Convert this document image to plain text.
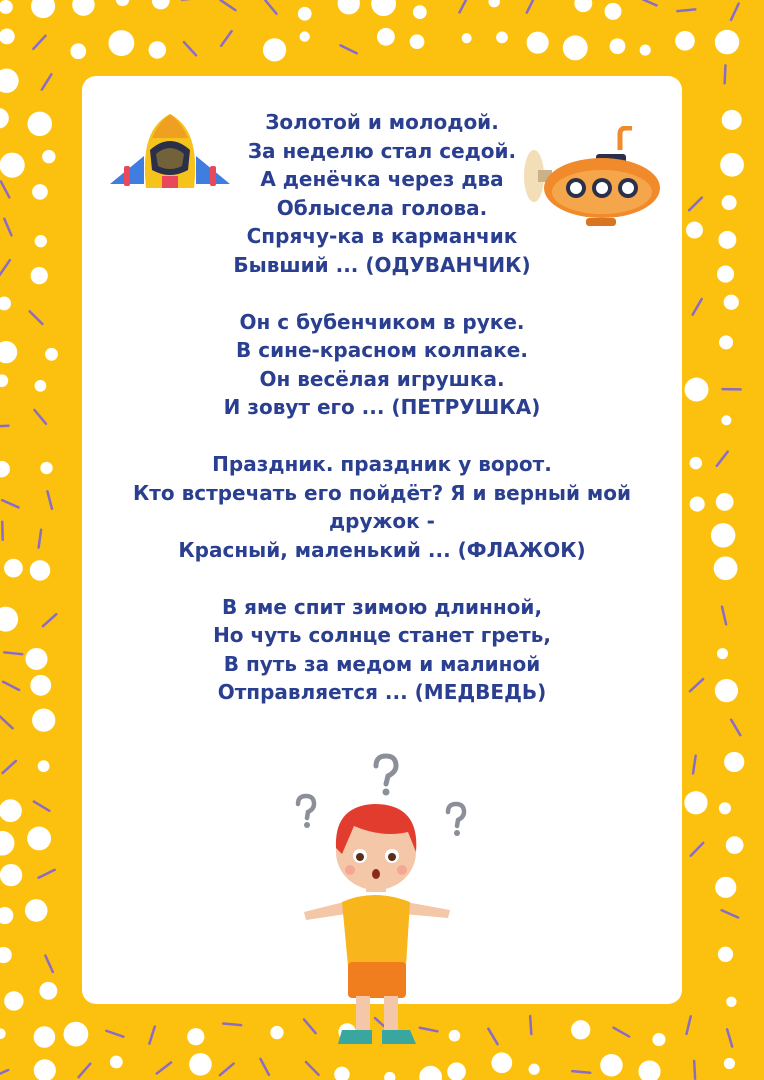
Золотой и молодой.
За неделю стал седой.
А денёчка через два
Облысела голова.
Спрячу-ка в карманчик
Бывший ... (ОДУВАНЧИК)
Он с бубенчиком в руке.
В сине-красном колпаке.
Он весёлая игрушка.
И зовут его ... (ПЕТРУШКА)
Праздник. праздник у ворот.
Кто встречать его пойдёт? Я и верный мой
дружок -
Красный, маленький ... (ФЛАЖОК)
В яме спит зимою длинной,
Но чуть солнце станет греть,
В путь за медом и малиной
Отправляется ... (МЕДВЕДЬ)
